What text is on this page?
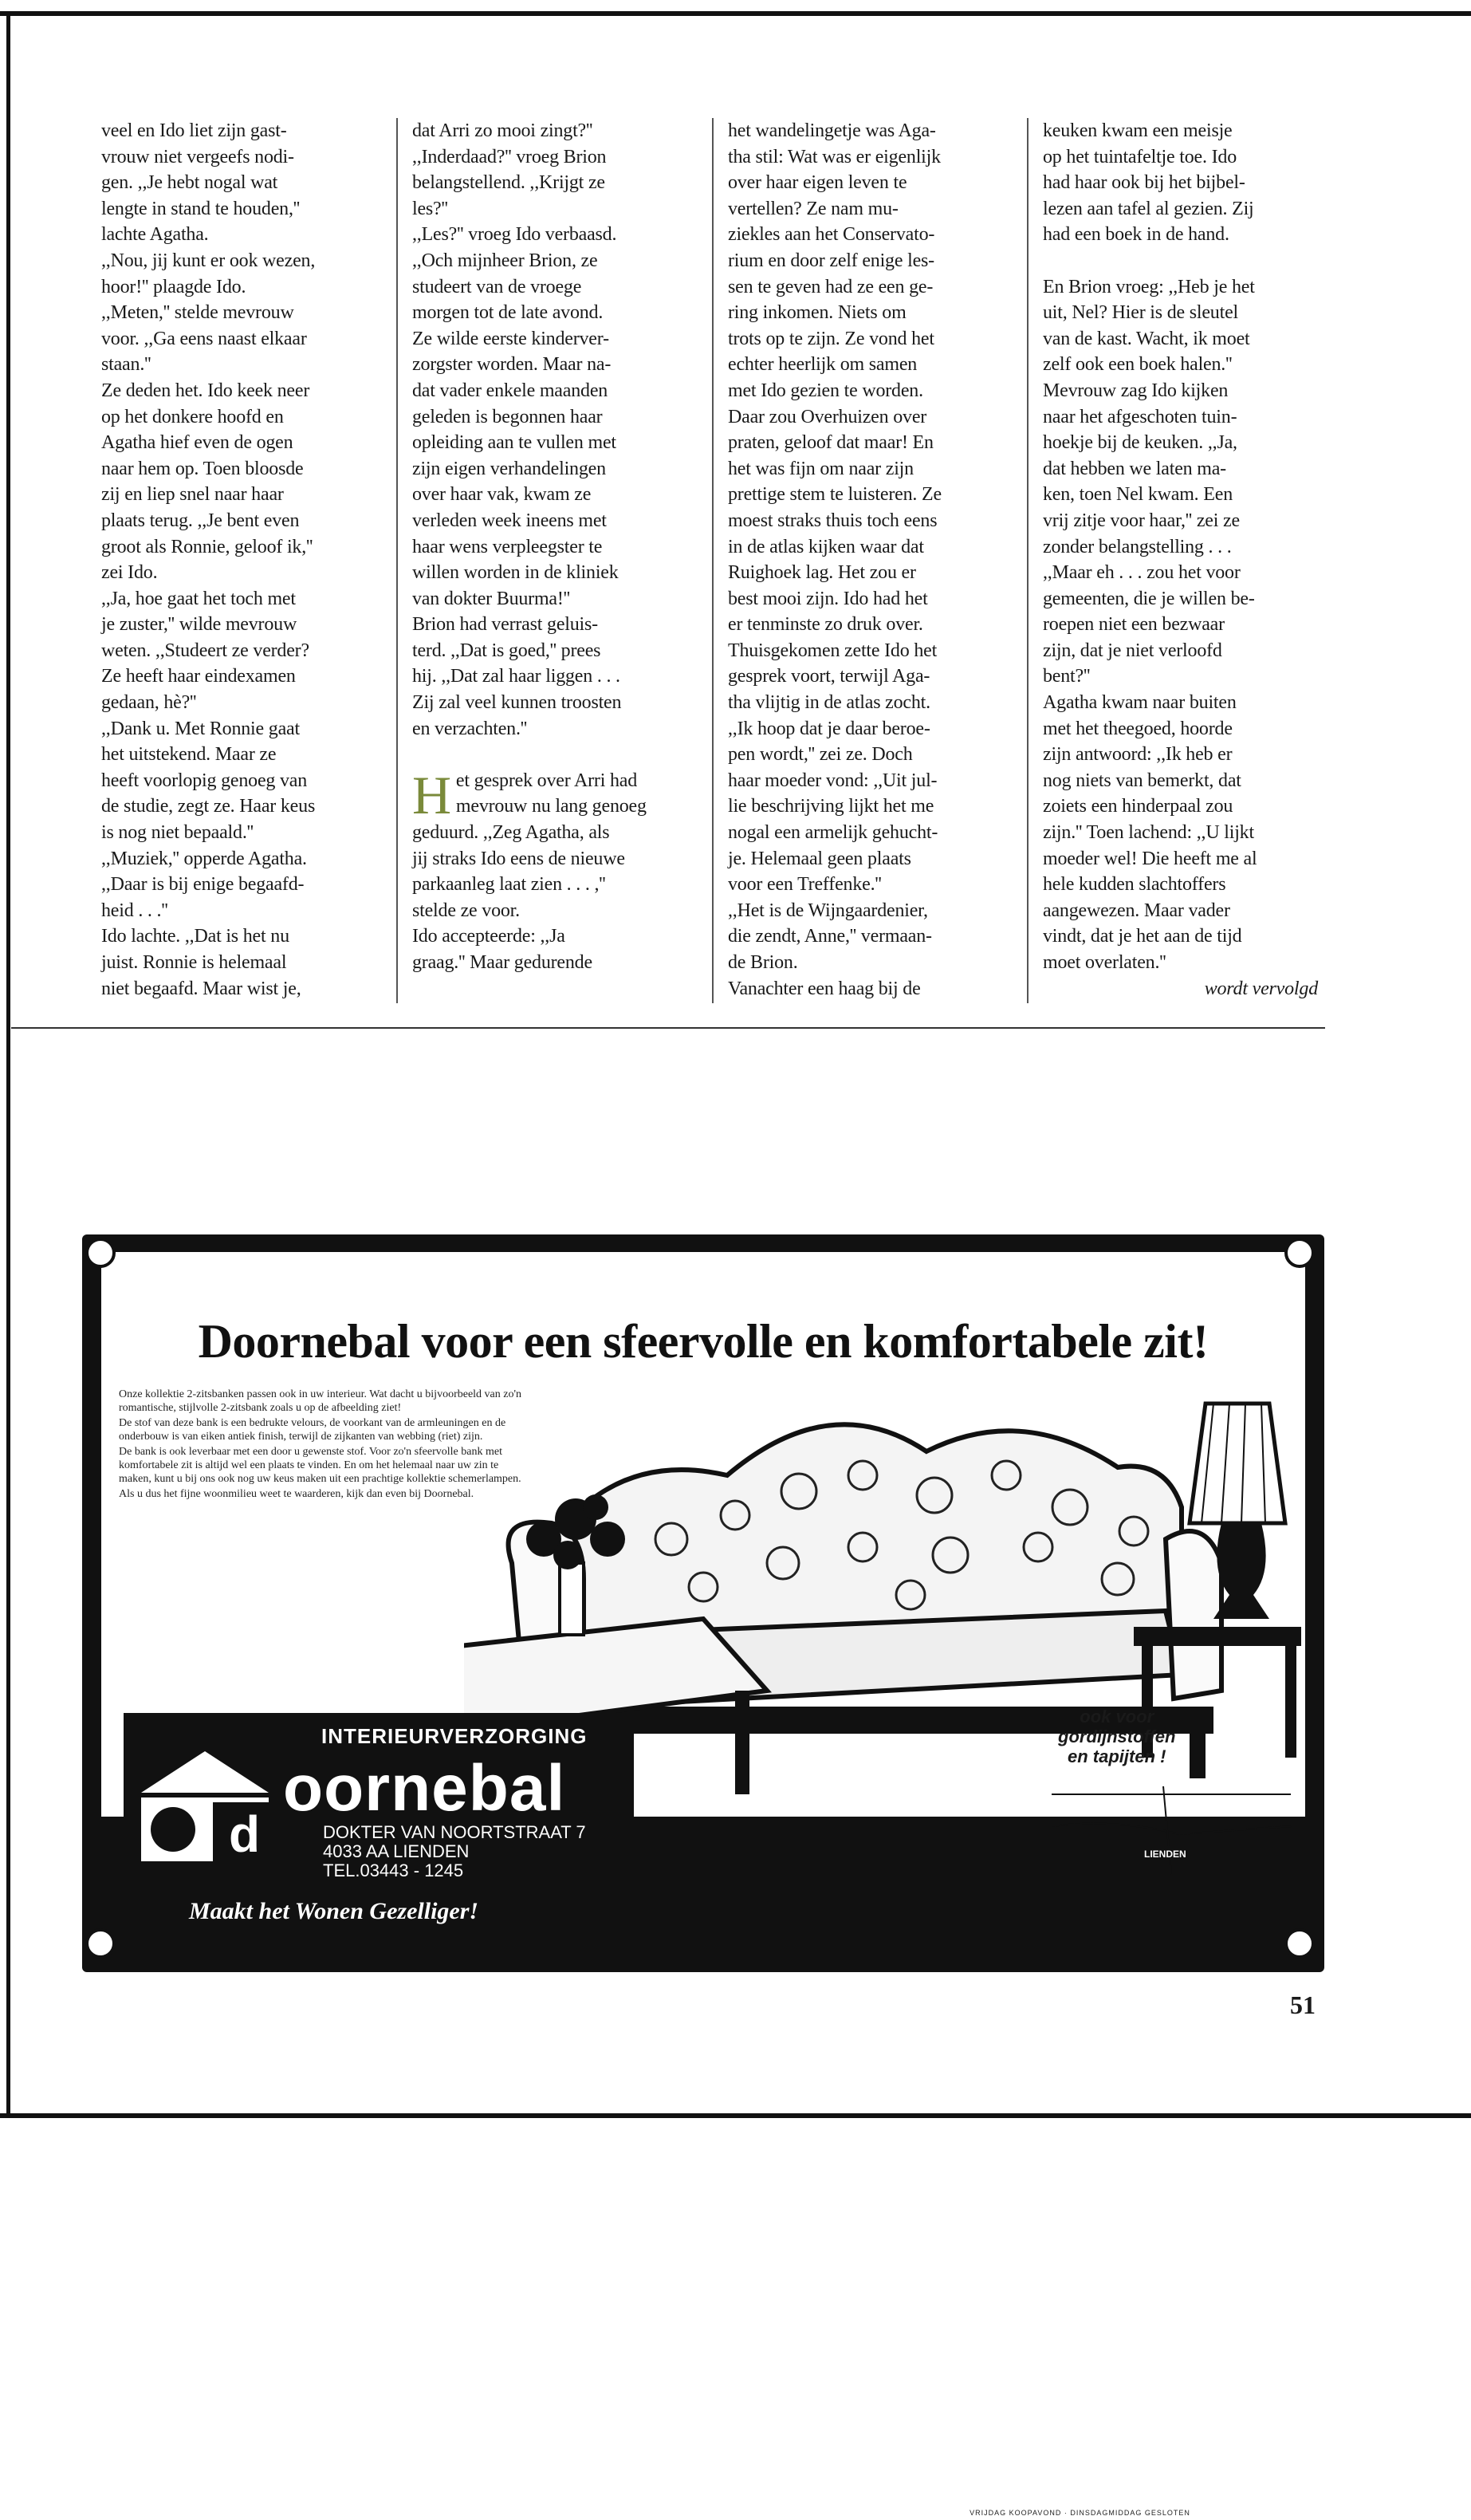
veel en Ido liet zijn gast-
vrouw niet vergeefs nodi-
gen. ,,Je hebt nogal wat
lengte in stand te houden,''
lachte Agatha.
,,Nou, jij kunt er ook wezen,
hoor!'' plaagde Ido.
,,Meten,'' stelde mevrouw
voor. ,,Ga eens naast elkaar
staan.''
Ze deden het. Ido keek neer
op het donkere hoofd en
Agatha hief even de ogen
naar hem op. Toen bloosde
zij en liep snel naar haar
plaats terug. ,,Je bent even
groot als Ronnie, geloof ik,''
zei Ido.
,,Ja, hoe gaat het toch met
je zuster,'' wilde mevrouw
weten. ,,Studeert ze verder?
Ze heeft haar eindexamen
gedaan, hè?''
,,Dank u. Met Ronnie gaat
het uitstekend. Maar ze
heeft voorlopig genoeg van
de studie, zegt ze. Haar keus
is nog niet bepaald.''
,,Muziek,'' opperde Agatha.
,,Daar is bij enige begaafd-
heid . . .''
Ido lachte. ,,Dat is het nu
juist. Ronnie is helemaal
niet begaafd. Maar wist je,
dat Arri zo mooi zingt?''
,,Inderdaad?'' vroeg Brion
belangstellend. ,,Krijgt ze
les?''
,,Les?'' vroeg Ido verbaasd.
,,Och mijnheer Brion, ze
studeert van de vroege
morgen tot de late avond.
Ze wilde eerste kinderver-
zorgster worden. Maar na-
dat vader enkele maanden
geleden is begonnen haar
opleiding aan te vullen met
zijn eigen verhandelingen
over haar vak, kwam ze
verleden week ineens met
haar wens verpleegster te
willen worden in de kliniek
van dokter Buurma!''
Brion had verrast geluis-
terd. ,,Dat is goed,'' prees
hij. ,,Dat zal haar liggen . . .
Zij zal veel kunnen troosten
en verzachten.''

H et gesprek over Arri had
mevrouw nu lang genoeg
geduurd. ,,Zeg Agatha, als
jij straks Ido eens de nieuwe
parkaanleg laat zien . . . ,''
stelde ze voor.
Ido accepteerde: ,,Ja
graag.'' Maar gedurende
het wandelingetje was Aga-
tha stil: Wat was er eigenlijk
over haar eigen leven te
vertellen? Ze nam mu-
ziekles aan het Conservato-
rium en door zelf enige les-
sen te geven had ze een ge-
ring inkomen. Niets om
trots op te zijn. Ze vond het
echter heerlijk om samen
met Ido gezien te worden.
Daar zou Overhuizen over
praten, geloof dat maar! En
het was fijn om naar zijn
prettige stem te luisteren. Ze
moest straks thuis toch eens
in de atlas kijken waar dat
Ruighoek lag. Het zou er
best mooi zijn. Ido had het
er tenminste zo druk over.
Thuisgekomen zette Ido het
gesprek voort, terwijl Aga-
tha vlijtig in de atlas zocht.
,,Ik hoop dat je daar beroe-
pen wordt,'' zei ze. Doch
haar moeder vond: ,,Uit jul-
lie beschrijving lijkt het me
nogal een armelijk gehucht-
je. Helemaal geen plaats
voor een Treffenke.''
,,Het is de Wijngaardenier,
die zendt, Anne,'' vermaan-
de Brion.
Vanachter een haag bij de
keuken kwam een meisje
op het tuintafeltje toe. Ido
had haar ook bij het bijbel-
lezen aan tafel al gezien. Zij
had een boek in de hand.

En Brion vroeg: ,,Heb je het
uit, Nel? Hier is de sleutel
van de kast. Wacht, ik moet
zelf ook een boek halen.''
Mevrouw zag Ido kijken
naar het afgeschoten tuin-
hoekje bij de keuken. ,,Ja,
dat hebben we laten ma-
ken, toen Nel kwam. Een
vrij zitje voor haar,'' zei ze
zonder belangstelling . . .
,,Maar eh . . . zou het voor
gemeenten, die je willen be-
roepen niet een bezwaar
zijn, dat je niet verloofd
bent?''
Agatha kwam naar buiten
met het theegoed, hoorde
zijn antwoord: ,,Ik heb er
nog niets van bemerkt, dat
zoiets een hinderpaal zou
zijn.'' Toen lachend: ,,U lijkt
moeder wel! Die heeft me al
hele kudden slachtoffers
aangewezen. Maar vader
vindt, dat je het aan de tijd
moet overlaten.''

wordt vervolgd
Doornebal voor een sfeervolle en komfortabele zit!

Onze kollektie 2-zitsbanken passen ook in uw interieur. Wat dacht u bijvoorbeeld van zo'n romantische, stijlvolle 2-zitsbank zoals u op de afbeelding ziet!

De stof van deze bank is een bedrukte velours, de voorkant van de armleuningen en de onderbouw is van eiken antiek finish, terwijl de zijkanten van webbing (riet) zijn.

De bank is ook leverbaar met een door u gewenste stof. Voor zo'n sfeervolle bank met komfortabele zit is altijd wel een plaats te vinden. En om het helemaal naar uw zin te maken, kunt u bij ons ook nog uw keus maken uit een prachtige kollektie schemerlampen.

Als u dus het fijne woonmilieu weet te waarderen, kijk dan even bij Doornebal.

Maakt het Wonen Gezelliger!
VRIJDAG KOOPAVOND · DINSDAGMIDDAG GESLOTEN
d
INTERIEURVERZORGING
oornebal
DOKTER VAN NOORTSTRAAT 7
4033 AA LIENDEN
TEL.03443 - 1245
ook voor
gordijnstoffen
en tapijten !
LIENDEN
51
